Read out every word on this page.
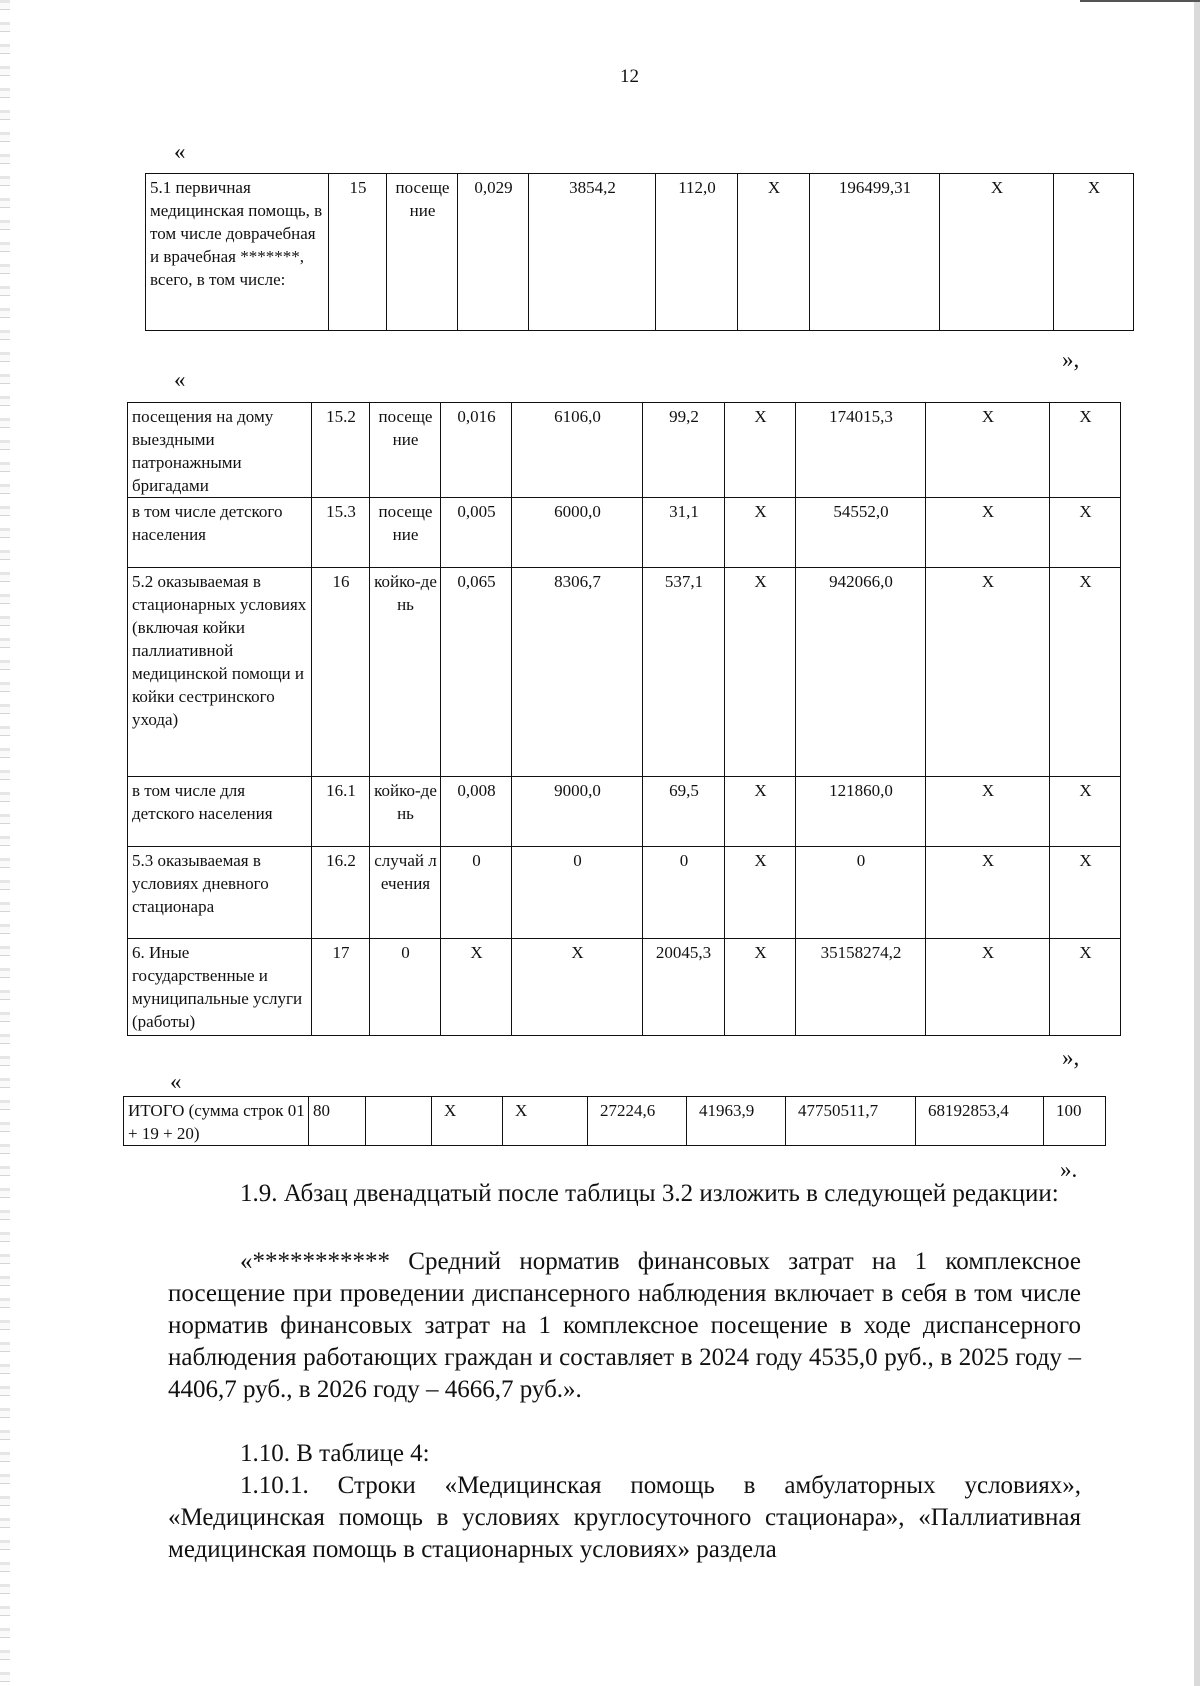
12
«
5.1 первичная медицинская помощь, в том числе доврачебная и врачебная *******, всего, в том числе:	15	посещение	0,029	3854,2	112,0	Х	196499,31	Х	Х
»,
«
посещения на дому выездными патронажными бригадами	15.2	посещение	0,016	6106,0	99,2	Х	174015,3	Х	Х
в том числе детского населения	15.3	посещение	0,005	6000,0	31,1	Х	54552,0	Х	Х
5.2 оказываемая в стационарных условиях (включая койки паллиативной медицинской помощи и койки сестринского ухода)	16	койко-день	0,065	8306,7	537,1	Х	942066,0	Х	Х
в том числе для детского населения	16.1	койко-день	0,008	9000,0	69,5	Х	121860,0	Х	Х
5.3 оказываемая в условиях дневного стационара	16.2	случай лечения	0	0	0	Х	0	Х	Х
6. Иные государственные и муниципальные услуги (работы)	17	0	Х	Х	20045,3	Х	35158274,2	Х	Х
»,
«
ИТОГО (сумма строк 01 + 19 + 20)	80		Х	Х	27224,6	41963,9	47750511,7	68192853,4	100
».
1.9. Абзац двенадцатый после таблицы 3.2 изложить в следующей редакции:
«*********** Средний норматив финансовых затрат на 1 комплексное посещение при проведении диспансерного наблюдения включает в себя в том числе норматив финансовых затрат на 1 комплексное посещение в ходе диспансерного наблюдения работающих граждан и составляет в 2024 году 4535,0 руб., в 2025 году – 4406,7 руб., в 2026 году – 4666,7 руб.».
1.10. В таблице 4:
1.10.1. Строки «Медицинская помощь в амбулаторных условиях», «Медицинская помощь в условиях круглосуточного стационара», «Паллиативная медицинская помощь в стационарных условиях» раздела
